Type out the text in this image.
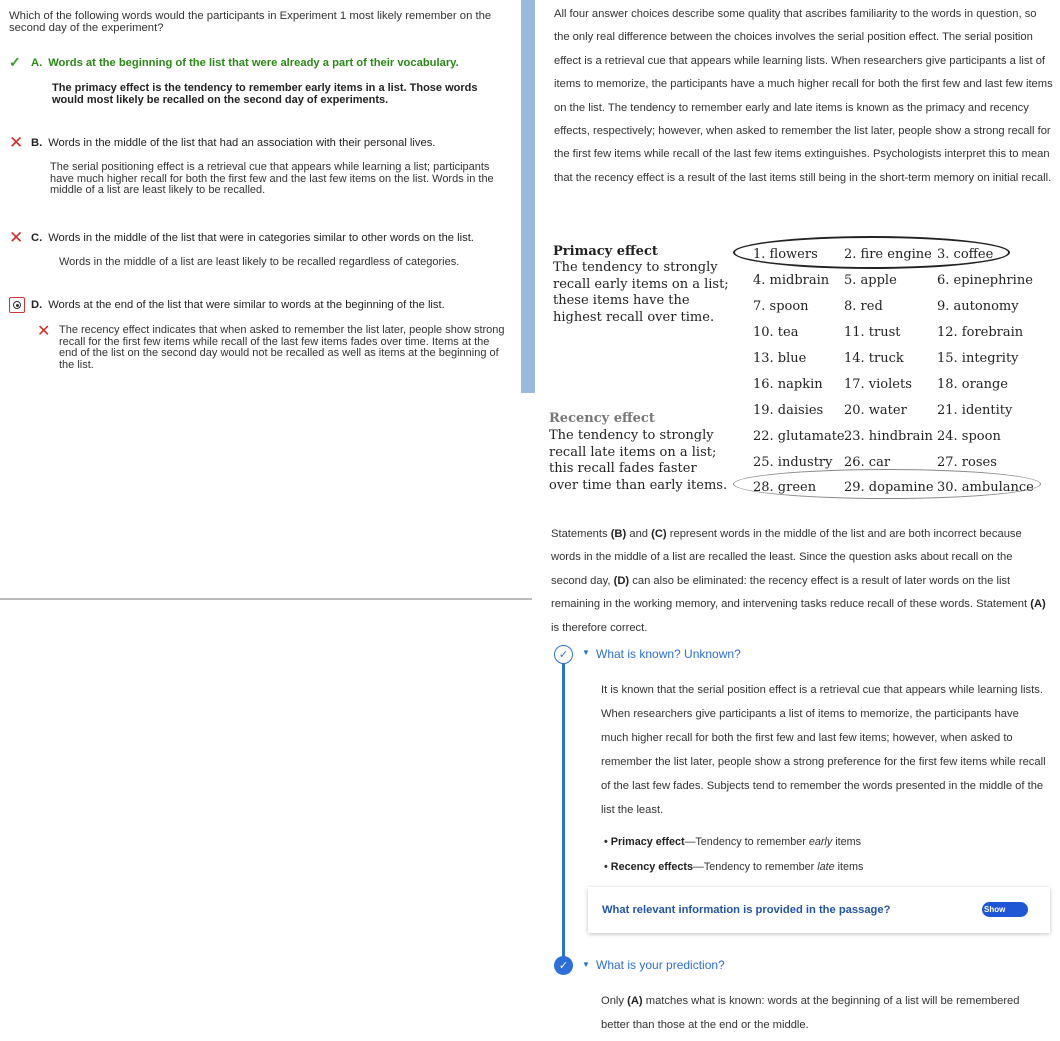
Which of the following words would the participants in Experiment 1 most likely remember on the second day of the experiment?
✓ A. Words at the beginning of the list that were already a part of their vocabulary.
The primacy effect is the tendency to remember early items in a list. Those words would most likely be recalled on the second day of experiments.
✕ B. Words in the middle of the list that had an association with their personal lives.
The serial positioning effect is a retrieval cue that appears while learning a list; participants have much higher recall for both the first few and the last few items on the list. Words in the middle of a list are least likely to be recalled.
✕ C. Words in the middle of the list that were in categories similar to other words on the list.
Words in the middle of a list are least likely to be recalled regardless of categories.
D. Words at the end of the list that were similar to words at the beginning of the list.
✕ The recency effect indicates that when asked to remember the list later, people show strong recall for the first few items while recall of the last few items fades over time. Items at the end of the list on the second day would not be recalled as well as items at the beginning of the list.
All four answer choices describe some quality that ascribes familiarity to the words in question, so the only real difference between the choices involves the serial position effect. The serial position effect is a retrieval cue that appears while learning lists. When researchers give participants a list of items to memorize, the participants have a much higher recall for both the first few and last few items on the list. The tendency to remember early and late items is known as the primacy and recency effects, respectively; however, when asked to remember the list later, people show a strong recall for the first few items while recall of the last few items extinguishes. Psychologists interpret this to mean that the recency effect is a result of the last items still being in the short-term memory on initial recall.
Primacy effect
The tendency to strongly recall early items on a list; these items have the highest recall over time.
Recency effect
The tendency to strongly recall late items on a list; this recall fades faster over time than early items.
1. flowers	2. fire engine 3. coffee
4. midbrain	5. apple	6. epinephrine
7. spoon	8. red	9. autonomy
10. tea	11. trust	12. forebrain
13. blue	14. truck	15. integrity
16. napkin	17. violets	18. orange
19. daisies	20. water	21. identity
22. glutamate 23. hindbrain 24. spoon
25. industry 26. car	27. roses
28. green	29. dopamine 30. ambulance
Statements (B) and (C) represent words in the middle of the list and are both incorrect because words in the middle of a list are recalled the least. Since the question asks about recall on the second day, (D) can also be eliminated: the recency effect is a result of later words on the list remaining in the working memory, and intervening tasks reduce recall of these words. Statement (A) is therefore correct.
✓	▼ What is known? Unknown?
It is known that the serial position effect is a retrieval cue that appears while learning lists. When researchers give participants a list of items to memorize, the participants have much higher recall for both the first few and last few items; however, when asked to remember the list later, people show a strong preference for the first few items while recall of the last few fades. Subjects tend to remember the words presented in the middle of the list the least.
• Primacy effect—Tendency to remember early items
• Recency effects—Tendency to remember late items
What relevant information is provided in the passage?	Show
✓	▼ What is your prediction?
Only (A) matches what is known: words at the beginning of a list will be remembered better than those at the end or the middle.
